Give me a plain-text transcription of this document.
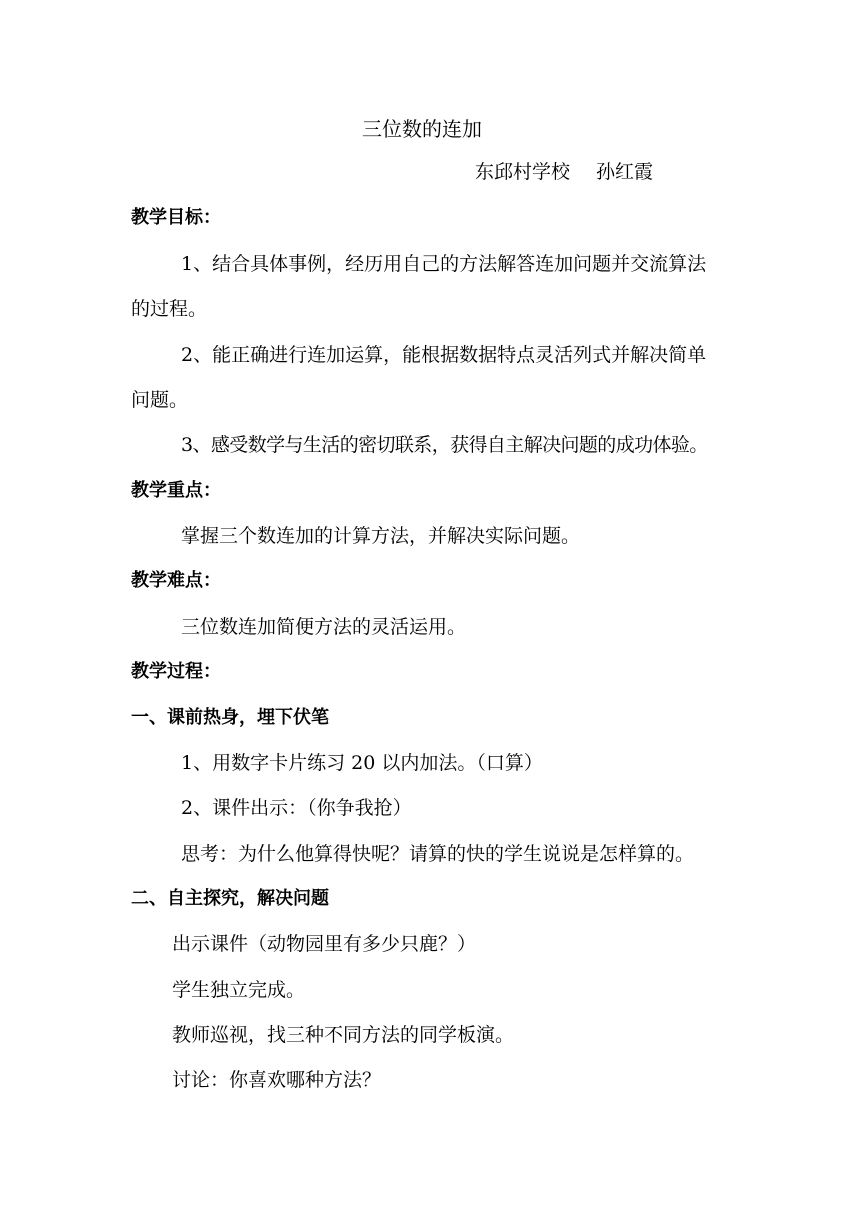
三位数的连加
东邱村学校 孙红霞
教学目标：
1、结合具体事例，经历用自己的方法解答连加问题并交流算法
的过程。
2、能正确进行连加运算，能根据数据特点灵活列式并解决简单
问题。
3、感受数学与生活的密切联系，获得自主解决问题的成功体验。
教学重点：
掌握三个数连加的计算方法，并解决实际问题。
教学难点：
三位数连加简便方法的灵活运用。
教学过程：
一、课前热身，埋下伏笔
1、用数字卡片练习 20 以内加法。（口算）
2、课件出示：（你争我抢）
思考：为什么他算得快呢？请算的快的学生说说是怎样算的。
二、自主探究，解决问题
出示课件（动物园里有多少只鹿？）
学生独立完成。
教师巡视，找三种不同方法的同学板演。
讨论：你喜欢哪种方法？
